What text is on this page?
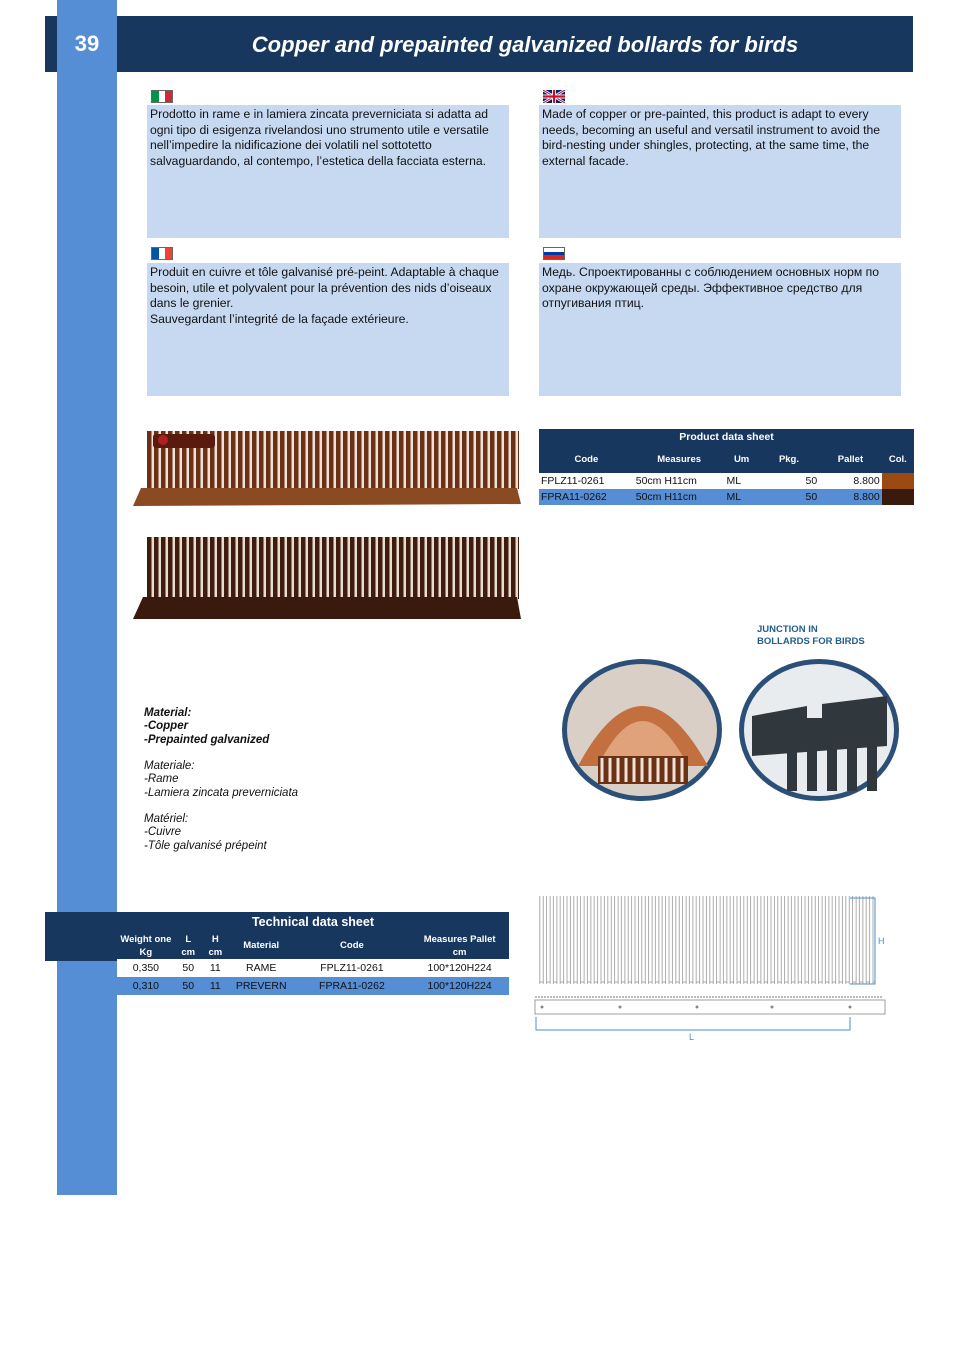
39	Copper and prepainted galvanized bollards for birds
Prodotto in rame e in lamiera zincata preverniciata si adatta ad ogni tipo di esigenza rivelandosi uno strumento utile e versatile nell’impedire la nidificazione dei volatili nel sottotetto salvaguardando, al contempo, l’estetica della facciata esterna.
Made of copper or pre-painted, this product is adapt to every needs, becoming an useful and versatil instrument to avoid the bird-nesting under shingles, protecting, at the same time, the external facade.
Produit en cuivre et tôle galvanisé pré-peint. Adaptable à chaque besoin, utile et polyvalent pour la prévention des nids d’oiseaux dans le grenier.
Sauvegardant l’integrité de la façade extérieure.
Медь. Спроектированны с соблюдением основных норм по охране окружающей среды. Эффективное средство для отпугивания птиц.
Product data sheet					
Code	Measures	Um	Pkg.	Pallet	Col.
FPLZ11-0261	50cm H11cm	ML	50	8.800	
FPRA11-0262	50cm H11cm	ML	50	8.800	
JUNCTION IN
BOLLARDS FOR BIRDS
Material:
-Copper
-Prepainted galvanized
Materiale:
-Rame
-Lamiera zincata preverniciata
Matériel:
-Cuivre
-Tôle galvanisé prépeint
Technical data sheet					
Weight one	L	H	Material	Code	Measures Pallet
Kg	cm	cm			cm
0,350	50	11	RAME	FPLZ11-0261	100*120H224
0,310	50	11	PREVERN	FPRA11-0262	100*120H224
H
L
